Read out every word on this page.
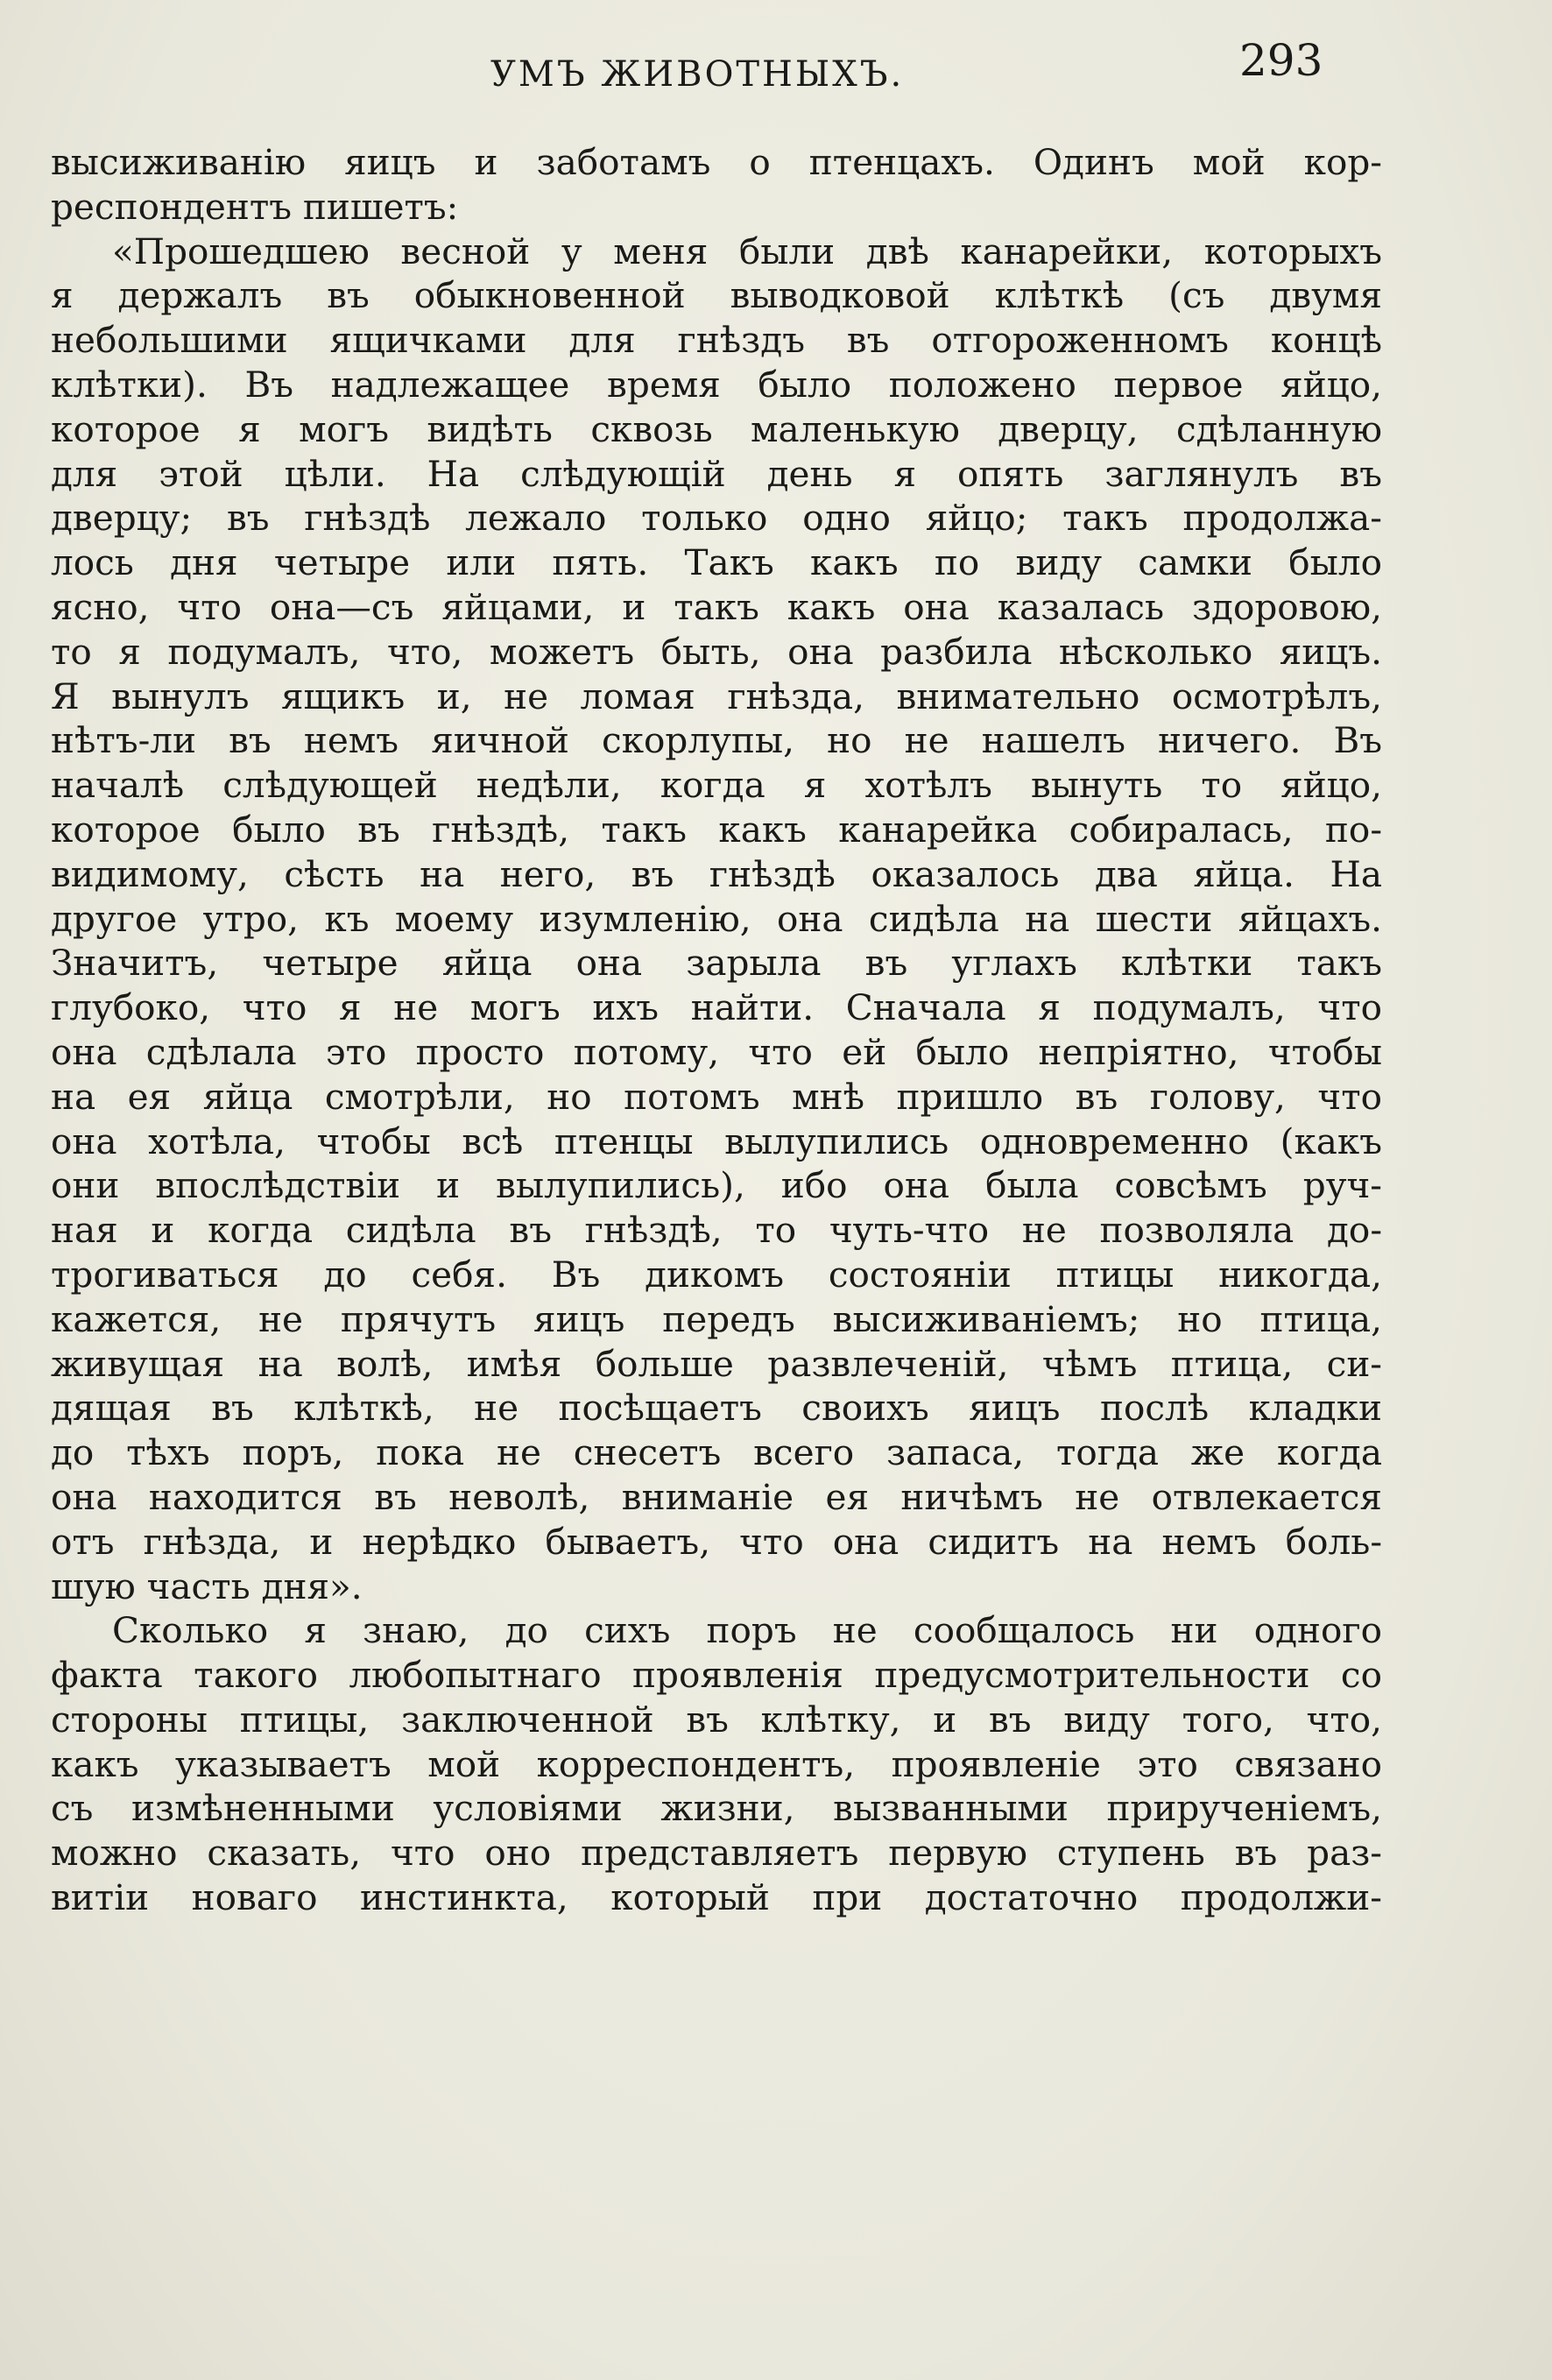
УМЪ ЖИВОТНЫХЪ.	293
высиживанію яицъ и заботамъ о птенцахъ. Одинъ мой кор-
респондентъ пишетъ:
«Прошедшею весной у меня были двѣ канарейки, которыхъ
я держалъ въ обыкновенной выводковой клѣткѣ (съ двумя
небольшими ящичками для гнѣздъ въ отгороженномъ концѣ
клѣтки). Въ надлежащее время было положено первое яйцо,
которое я могъ видѣть сквозь маленькую дверцу, сдѣланную
для этой цѣли. На слѣдующій день я опять заглянулъ въ
дверцу; въ гнѣздѣ лежало только одно яйцо; такъ продолжа-
лось дня четыре или пять. Такъ какъ по виду самки было
ясно, что она—съ яйцами, и такъ какъ она казалась здоровою,
то я подумалъ, что, можетъ быть, она разбила нѣсколько яицъ.
Я вынулъ ящикъ и, не ломая гнѣзда, внимательно осмотрѣлъ,
нѣтъ-ли въ немъ яичной скорлупы, но не нашелъ ничего. Въ
началѣ слѣдующей недѣли, когда я хотѣлъ вынуть то яйцо,
которое было въ гнѣздѣ, такъ какъ канарейка собиралась, по-
видимому, сѣсть на него, въ гнѣздѣ оказалось два яйца. На
другое утро, къ моему изумленію, она сидѣла на шести яйцахъ.
Значитъ, четыре яйца она зарыла въ углахъ клѣтки такъ
глубоко, что я не могъ ихъ найти. Сначала я подумалъ, что
она сдѣлала это просто потому, что ей было непріятно, чтобы
на ея яйца смотрѣли, но потомъ мнѣ пришло въ голову, что
она хотѣла, чтобы всѣ птенцы вылупились одновременно (какъ
они впослѣдствіи и вылупились), ибо она была совсѣмъ руч-
ная и когда сидѣла въ гнѣздѣ, то чуть-что не позволяла до-
трогиваться до себя. Въ дикомъ состояніи птицы никогда,
кажется, не прячутъ яицъ передъ высиживаніемъ; но птица,
живущая на волѣ, имѣя больше развлеченій, чѣмъ птица, си-
дящая въ клѣткѣ, не посѣщаетъ своихъ яицъ послѣ кладки
до тѣхъ поръ, пока не снесетъ всего запаса, тогда же когда
она находится въ неволѣ, вниманіе ея ничѣмъ не отвлекается
отъ гнѣзда, и нерѣдко бываетъ, что она сидитъ на немъ боль-
шую часть дня».
Сколько я знаю, до сихъ поръ не сообщалось ни одного
факта такого любопытнаго проявленія предусмотрительности со
стороны птицы, заключенной въ клѣтку, и въ виду того, что,
какъ указываетъ мой корреспондентъ, проявленіе это связано
съ измѣненными условіями жизни, вызванными прирученіемъ,
можно сказать, что оно представляетъ первую ступень въ раз-
витіи новаго инстинкта, который при достаточно продолжи-
